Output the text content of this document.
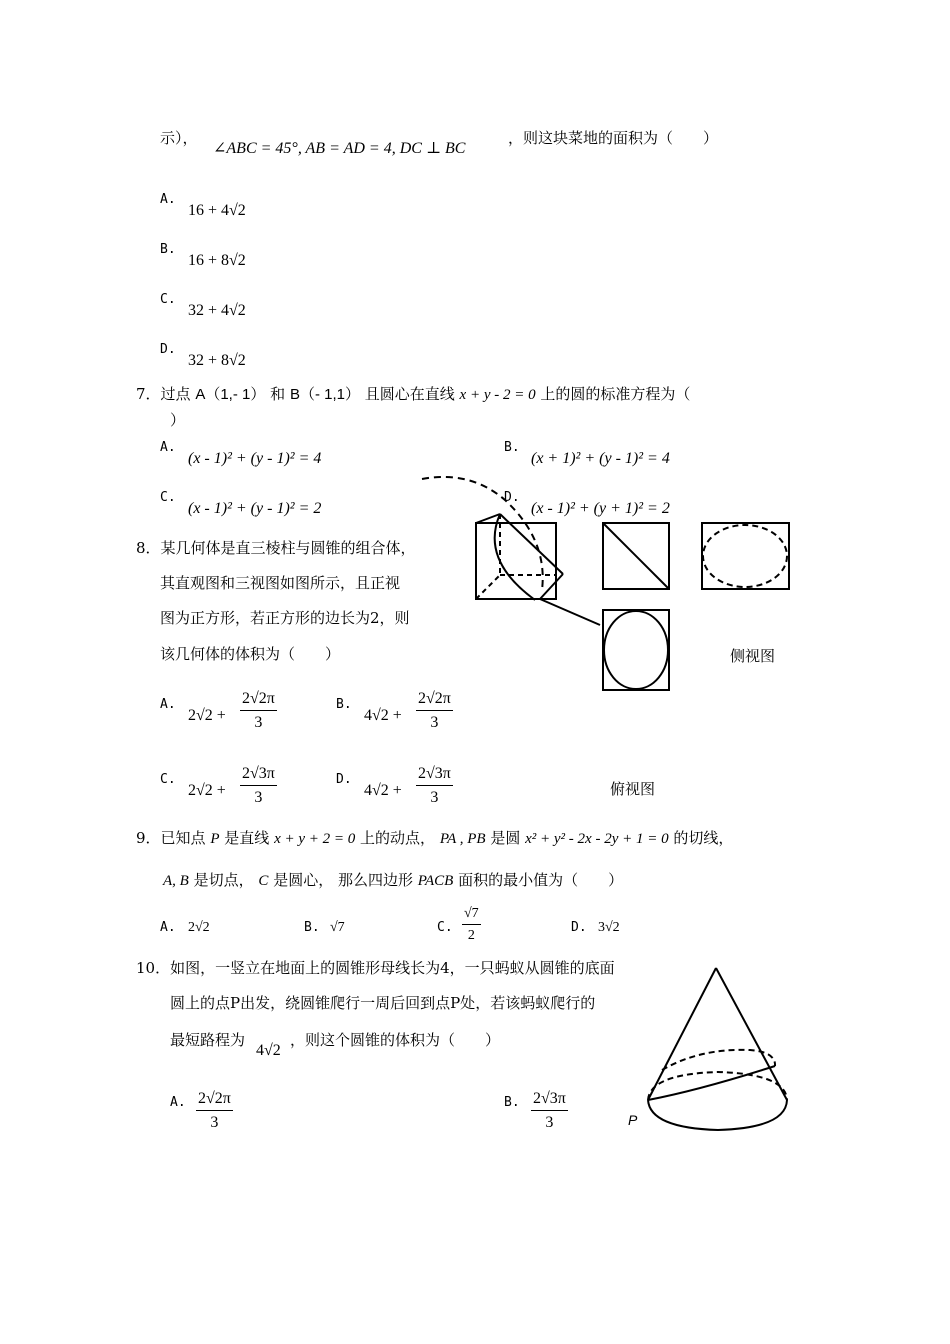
示），
∠ABC = 45°, AB = AD = 4, DC ⊥ BC
，则这块菜地的面积为（　　）
A.
16 + 4√2
B.
16 + 8√2
C.
32 + 4√2
D.
32 + 8√2
7．过点 A（1,- 1） 和 B（- 1,1） 且圆心在直线 x + y - 2 = 0 上的圆的标准方程为（
）
A.
(x - 1)² + (y - 1)² = 4
B.
(x + 1)² + (y - 1)² = 4
C.
(x - 1)² + (y - 1)² = 2
D.
(x - 1)² + (y + 1)² = 2
8．某几何体是直三棱柱与圆锥的组合体，
其直观图和三视图如图所示，且正视
图为正方形，若正方形的边长为2，则
该几何体的体积为（　　）
A.
$2√2 + \frac{2√2\pi}{3}$	B.
$4√2 + \frac{2√2\pi}{3}$
C.
$2√2 + \frac{2√3\pi}{3}$	D.
$4√2 + \frac{2√3\pi}{3}$
侧视图
俯视图
9．已知点 P 是直线 x + y + 2 = 0 上的动点， PA , PB 是圆 x² + y² - 2x - 2y + 1 = 0 的切线，
A, B 是切点， C 是圆心， 那么四边形 PACB 面积的最小值为（　　）
A. 2√2	B. √7	C. $\frac{√7}{2}$	D. 3√2
10．如图，一竖立在地面上的圆锥形母线长为4，一只蚂蚁从圆锥的底面
圆上的点P出发，绕圆锥爬行一周后回到点P处，若该蚂蚁爬行的
最短路程为
4√2
，则这个圆锥的体积为（　　）
A. $\frac{2√2\pi}{3}$	B. $\frac{2√3\pi}{3}$	P
